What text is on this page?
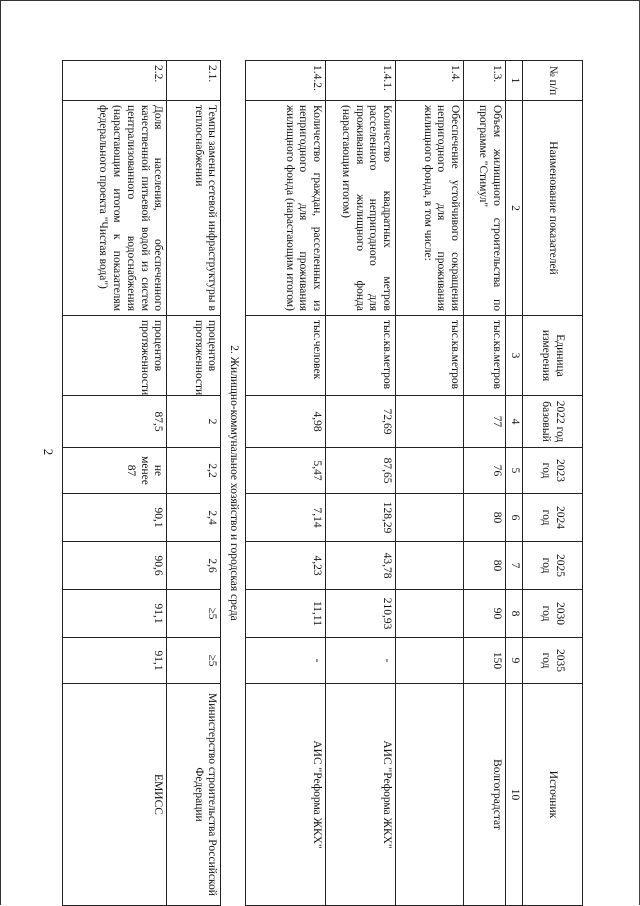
2
№ п/п	Наименование показателей	Единица измерения	2022 год базовый	2023 год	2024 год	2025 год	2030 год	2035 год	Источник
1	2	3	4	5	6	7	8	9	10
1.3.	Объем жилищного строительства по программе "Стимул"	тыс.кв.метров	77	76	80	80	90	150	Волгоградстат
1.4.	Обеспечение устойчивого сокращения непригодного для проживания жилищного фонда, в том числе:	тыс.кв.метров							
1.4.1.	Количество квадратных метров расселенного непригодного для проживания жилищного фонда (нарастающим итогом)	тыс.кв.метров	72,69	87,65	128,29	43,78	210,93	-	АИС "Реформа ЖКХ"
1.4.2.	Количество граждан, расселенных из непригодного для проживания жилищного фонда (нарастающим итогом)	тыс.человек	4,98	5,47	7,14	4,23	11,11	-	АИС "Реформа ЖКХ"
2. Жилищно-коммунальное хозяйство и городская среда									
2.1.	Темпы замены сетевой инфраструктуры в теплоснабжении	процентов протяженности	2	2,2	2,4	2,6	≥5	≥5	Министерство строительства Российской Федерации
2.2.	Доля населения, обеспеченного качественной питьевой водой из систем централизованного водоснабжения (нарастающим итогом к показателям федерального проекта "Чистая вода")	процентов протяженности	87,5	не менее 87	90,1	90,6	91,1	91,1	ЕМИСС
